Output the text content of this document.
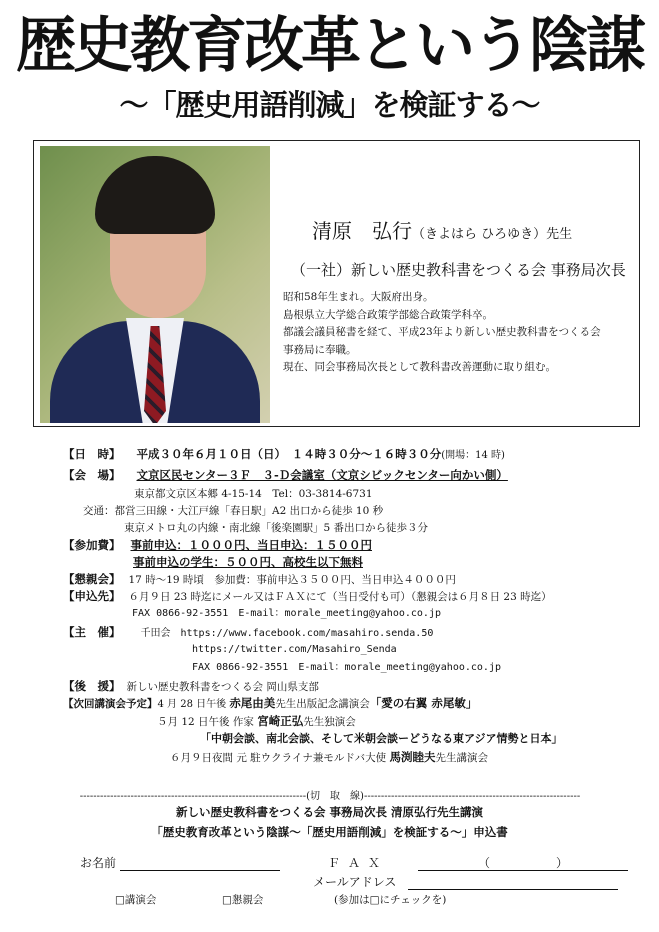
歴史教育改革という陰謀
〜「歴史用語削減」を検証する〜
清原　弘行（きよはら ひろゆき）先生
（一社）新しい歴史教科書をつくる会 事務局次長
昭和58年生まれ。大阪府出身。
島根県立大学総合政策学部総合政策学科卒。
都議会議員秘書を経て、平成23年より新しい歴史教科書をつくる会
事務局に奉職。
現在、同会事務局次長として教科書改善運動に取り組む。
【日　時】 平成３０年６月１０日（日）　１４時３０分〜１６時３０分(開場：14 時)
【会　場】 文京区民センター３Ｆ　３-Ｄ会議室（文京シビックセンター向かい側）
東京都文京区本郷 4-15-14　Tel：03-3814-6731
交通：都営三田線・大江戸線「春日駅」A2 出口から徒歩 10 秒
東京メトロ丸の内線・南北線「後楽園駅」5 番出口から徒歩３分
【参加費】 事前申込：１０００円、当日申込：１５００円
事前申込の学生：５００円、高校生以下無料
【懇親会】 17 時〜19 時頃　参加費：事前申込３５００円、当日申込４０００円
【申込先】 ６月９日 23 時迄にメール又はＦＡＸにて（当日受付も可）（懇親会は６月８日 23 時迄）
FAX 0866-92-3551　E-mail：morale_meeting@yahoo.co.jp
【主　催】 千田会　https://www.facebook.com/masahiro.senda.50
https://twitter.com/Masahiro_Senda
FAX 0866-92-3551　E-mail：morale_meeting@yahoo.co.jp
【後　援】 新しい歴史教科書をつくる会 岡山県支部
【次回講演会予定】4 月 28 日午後 赤尾由美先生出版記念講演会「愛の右翼 赤尾敏」
５月 12 日午後 作家 宮崎正弘先生独演会
「中朝会談、南北会談、そして米朝会談ーどうなる東アジア情勢と日本」
６月９日夜間 元 駐ウクライナ兼モルドバ大使 馬渕睦夫先生講演会
-------------------------------------------------------------------(切　取　線)----------------------------------------------------------------
新しい歴史教科書をつくる会 事務局次長 清原弘行先生講演
「歴史教育改革という陰謀〜「歴史用語削減」を検証する〜」申込書
お名前	ＦＡＸ	（	）
メールアドレス
□講演会	□懇親会	(参加は□にチェックを)
